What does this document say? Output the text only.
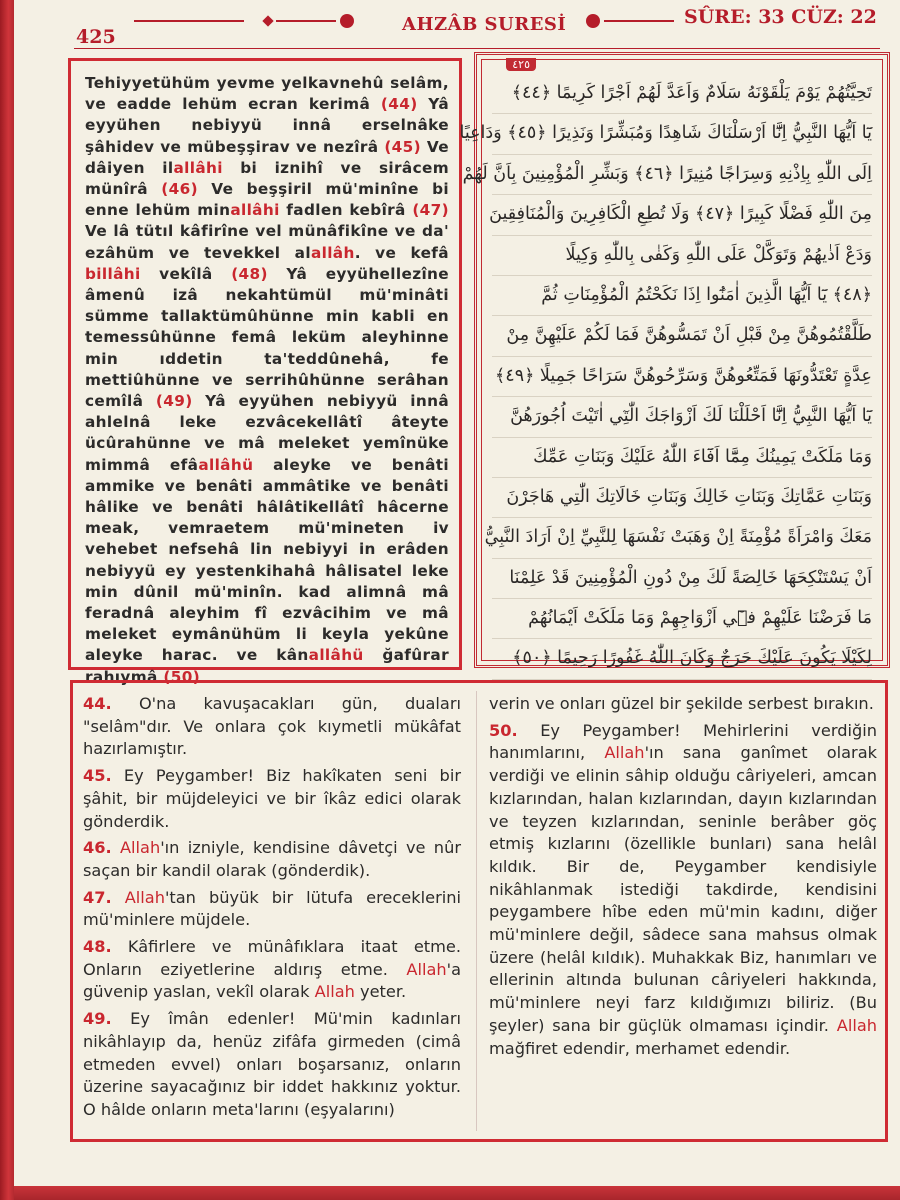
425
AHZÂB SURESİ	SÛRE: 33 CÜZ: 22

Tehiyyetühüm yevme yelkavnehû selâm, ve eadde lehüm ecran kerimâ (44) Yâ eyyühen nebiyyü innâ erselnâke şâhidev ve mübeşşirav ve nezîrâ (45) Ve dâiyen ilallâhi bi iznihî ve sirâcem münîrâ (46) Ve beşşiril mü'minîne bi enne lehüm minallâhi fadlen kebîrâ (47) Ve lâ tütıl kâfirîne vel münâfikîne ve da' ezâhüm ve tevekkel alallâh. ve kefâ billâhi vekîlâ (48) Yâ eyyühellezîne âmenû izâ nekahtümül mü'minâti sümme tallaktümûhünne min kabli en temessûhünne femâ leküm aleyhinne min ıddetin ta'teddûnehâ, fe mettiûhünne ve serrihûhünne serâhan cemîlâ (49) Yâ eyyühen nebiyyü innâ ahlelnâ leke ezvâcekellâtî âteyte ücûrahünne ve mâ meleket yemînüke mimmâ efâallâhü aleyke ve benâti ammike ve benâti ammâtike ve benâti hâlike ve benâti hâlâtikellâtî hâcerne meak, vemraetem mü'mineten iv vehebet nefsehâ lin nebiyyi in erâden nebiyyü ey yestenkihahâ hâlisatel leke min dûnil mü'minîn. kad alimnâ mâ feradnâ aleyhim fî ezvâcihim ve mâ meleket eymânühüm li keyla yekûne aleyke harac. ve kânallâhü ğafûrar rahıymâ (50)

٤٢٥
تَحِيَّتُهُمْ يَوْمَ يَلْقَوْنَهُ سَلَامٌ وَاَعَدَّ لَهُمْ اَجْرًا كَرِيمًا ﴿٤٤﴾
يَٓا اَيُّهَا النَّبِيُّ اِنَّٓا اَرْسَلْنَاكَ شَاهِدًا وَمُبَشِّرًا وَنَذِيرًا ﴿٤٥﴾ وَدَاعِيًا
اِلَى اللّٰهِ بِاِذْنِهِ وَسِرَاجًا مُنِيرًا ﴿٤٦﴾ وَبَشِّرِ الْمُؤْمِنِينَ بِاَنَّ لَهُمْ
مِنَ اللّٰهِ فَضْلًا كَبِيرًا ﴿٤٧﴾ وَلَا تُطِعِ الْكَافِرِينَ وَالْمُنَافِقِينَ
وَدَعْ اَذٰيهُمْ وَتَوَكَّلْ عَلَى اللّٰهِ وَكَفٰى بِاللّٰهِ وَكِيلًا
﴿٤٨﴾ يَٓا اَيُّهَا الَّذِينَ اٰمَنُٓوا اِذَا نَكَحْتُمُ الْمُؤْمِنَاتِ ثُمَّ
طَلَّقْتُمُوهُنَّ مِنْ قَبْلِ اَنْ تَمَسُّوهُنَّ فَمَا لَكُمْ عَلَيْهِنَّ مِنْ
عِدَّةٍ تَعْتَدُّونَهَا فَمَتِّعُوهُنَّ وَسَرِّحُوهُنَّ سَرَاحًا جَمِيلًا ﴿٤٩﴾
يَٓا اَيُّهَا النَّبِيُّ اِنَّٓا اَحْلَلْنَا لَكَ اَزْوَاجَكَ الّٰتِٓي اٰتَيْتَ اُجُورَهُنَّ
وَمَا مَلَكَتْ يَمِينُكَ مِمَّٓا اَفَٓاءَ اللّٰهُ عَلَيْكَ وَبَنَاتِ عَمِّكَ
وَبَنَاتِ عَمَّاتِكَ وَبَنَاتِ خَالِكَ وَبَنَاتِ خَالَاتِكَ الّٰتِي هَاجَرْنَ
مَعَكَ وَامْرَاَةً مُؤْمِنَةً اِنْ وَهَبَتْ نَفْسَهَا لِلنَّبِيِّ اِنْ اَرَادَ النَّبِيُّ
اَنْ يَسْتَنْكِحَهَا خَالِصَةً لَكَ مِنْ دُونِ الْمُؤْمِنِينَ قَدْ عَلِمْنَا
مَا فَرَضْنَا عَلَيْهِمْ فٖٓي اَزْوَاجِهِمْ وَمَا مَلَكَتْ اَيْمَانُهُمْ
لِكَيْلَا يَكُونَ عَلَيْكَ حَرَجٌ وَكَانَ اللّٰهُ غَفُورًا رَحِيمًا ﴿٥٠﴾

44. O'na kavuşacakları gün, duaları "selâm"dır. Ve onlara çok kıymetli mükâfat hazırlamıştır.

45. Ey Peygamber! Biz hakîkaten seni bir şâhit, bir müjdeleyici ve bir îkâz edici olarak gönderdik.

46. Allah'ın izniyle, kendisine dâvetçi ve nûr saçan bir kandil olarak (gönderdik).

47. Allah'tan büyük bir lütufa ereceklerini mü'minlere müjdele.

48. Kâfirlere ve münâfıklara itaat etme. Onların eziyetlerine aldırış etme. Allah'a güvenip yaslan, vekîl olarak Allah yeter.

49. Ey îmân edenler! Mü'min kadınları nikâhlayıp da, henüz zifâfa girmeden (cimâ etmeden evvel) onları boşarsanız, onların üzerine sayacağınız bir iddet hakkınız yoktur. O hâlde onların meta'larını (eşyalarını)

verin ve onları güzel bir şekilde serbest bırakın.

50. Ey Peygamber! Mehirlerini verdiğin hanımlarını, Allah'ın sana ganîmet olarak verdiği ve elinin sâhip olduğu câriyeleri, amcan kızlarından, halan kızlarından, dayın kızlarından ve teyzen kızlarından, seninle berâber göç etmiş kızlarını (özellikle bunları) sana helâl kıldık. Bir de, Peygamber kendisiyle nikâhlanmak istediği takdirde, kendisini peygambere hîbe eden mü'min kadını, diğer mü'minlere değil, sâdece sana mahsus olmak üzere (helâl kıldık). Muhakkak Biz, hanımları ve ellerinin altında bulunan câriyeleri hakkında, mü'minlere neyi farz kıldığımızı biliriz. (Bu şeyler) sana bir güçlük olmaması içindir. Allah mağfiret edendir, merhamet edendir.
